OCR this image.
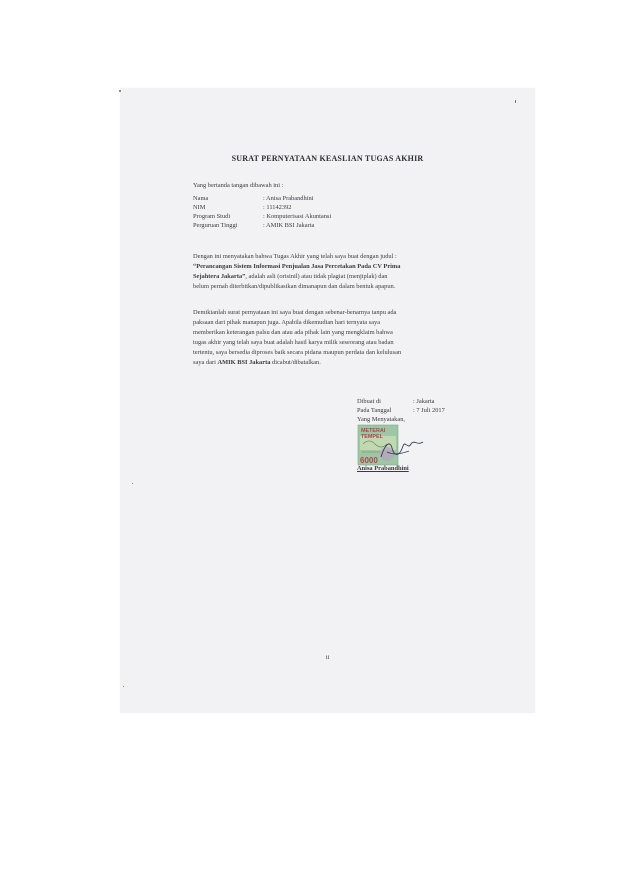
SURAT PERNYATAAN KEASLIAN TUGAS AKHIR
Yang bertanda tangan dibawah ini :
Nama	: Anisa Prabandhini
NIM	: 11142392
Program Studi	: Komputerisasi Akuntansi
Perguruan Tinggi	: AMIK BSI Jakarta

Dengan ini menyatakan bahwa Tugas Akhir yang telah saya buat dengan judul :

“Perancangan Sistem Informasi Penjualan Jasa Percetakan Pada CV Prima

Sejahtera Jakarta”, adalah asli (orisinil) atau tidak plagiat (menjiplak) dan

belum pernah diterbitkan/dipublikasikan dimanapun dan dalam bentuk apapun.

Demikianlah surat pernyataan ini saya buat dengan sebenar-benarnya tanpu ada

paksaan dari pihak manapun juga. Apabila dikemudian hari ternyata saya

memberikan keterangan palsu dan atau ada pihak lain yang mengklaim bahwa

tugas akhir yang telah saya buat adalah hasil karya milik seseorang atau badan

tertentu, saya bersedia diproses baik secara pidana maupun perdata dan kelulusan

saya dari AMIK BSI Jakarta dicabut/dibatalkan.

Dibuat di	: Jakarta
Pada Tanggal	: 7 Juli 2017
Yang Menyatakan,
METERAI
TEMPEL
6000
Anisa Prabandhini
ii
